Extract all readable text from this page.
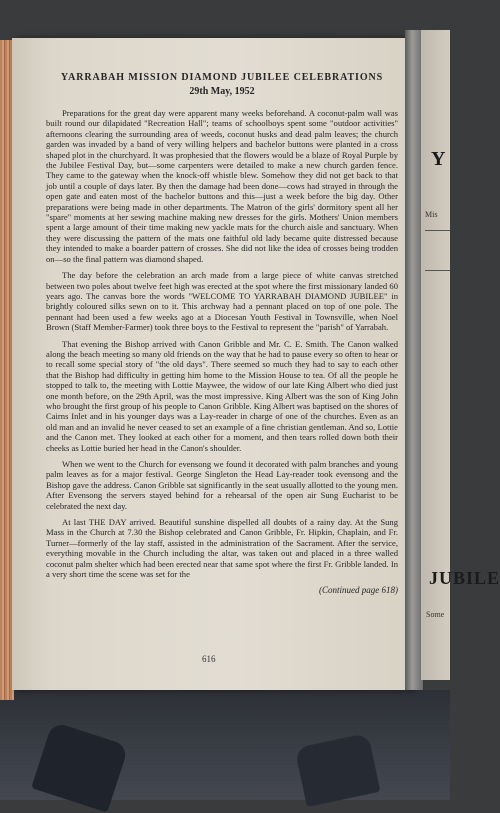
YARRABAH MISSION DIAMOND JUBILEE CELEBRATIONS
29th May, 1952

Preparations for the great day were apparent many weeks beforehand. A coconut-palm wall was built round our dilapidated "Recreation Hall"; teams of schoolboys spent some "outdoor activities" afternoons clearing the surrounding area of weeds, coconut husks and dead palm leaves; the church garden was invaded by a band of very willing helpers and bachelor buttons were planted in a cross shaped plot in the churchyard. It was prophesied that the flowers would be a blaze of Royal Purple by the Jubilee Festival Day, but—some carpenters were detailed to make a new church garden fence. They came to the gateway when the knock-off whistle blew. Somehow they did not get back to that job until a couple of days later. By then the damage had been done—cows had strayed in through the open gate and eaten most of the bachelor buttons and this—just a week before the big day. Other preparations were being made in other departments. The Matron of the girls' dormitory spent all her "spare" moments at her sewing machine making new dresses for the girls. Mothers' Union members spent a large amount of their time making new yackle mats for the church aisle and sanctuary. When they were discussing the pattern of the mats one faithful old lady became quite distressed because they intended to make a boarder pattern of crosses. She did not like the idea of crosses being trodden on—so the final pattern was diamond shaped.

The day before the celebration an arch made from a large piece of white canvas stretched between two poles about twelve feet high was erected at the spot where the first missionary landed 60 years ago. The canvas bore the words "WELCOME TO YARRABAH DIAMOND JUBILEE" in brightly coloured silks sewn on to it. This archway had a pennant placed on top of one pole. The pennant had been used a few weeks ago at a Diocesan Youth Festival in Townsville, when Noel Brown (Staff Member-Farmer) took three boys to the Festival to represent the "parish" of Yarrabah.

That evening the Bishop arrived with Canon Gribble and Mr. C. E. Smith. The Canon walked along the beach meeting so many old friends on the way that he had to pause every so often to hear or to recall some special story of "the old days". There seemed so much they had to say to each other that the Bishop had difficulty in getting him home to the Mission House to tea. Of all the people he stopped to talk to, the meeting with Lottie Maywee, the widow of our late King Albert who died just one month before, on the 29th April, was the most impressive. King Albert was the son of King John who brought the first group of his people to Canon Gribble. King Albert was baptised on the shores of Cairns Inlet and in his younger days was a Lay-reader in charge of one of the churches. Even as an old man and an invalid he never ceased to set an example of a fine christian gentleman. And so, Lottie and the Canon met. They looked at each other for a moment, and then tears rolled down both their cheeks as Lottie buried her head in the Canon's shoulder.

When we went to the Church for evensong we found it decorated with palm branches and young palm leaves as for a major festival. George Singleton the Head Lay-reader took evensong and the Bishop gave the address. Canon Gribble sat significantly in the seat usually allotted to the young men. After Evensong the servers stayed behind for a rehearsal of the open air Sung Eucharist to be celebrated the next day.

At last THE DAY arrived. Beautiful sunshine dispelled all doubts of a rainy day. At the Sung Mass in the Church at 7.30 the Bishop celebrated and Canon Gribble, Fr. Hipkin, Chaplain, and Fr. Turner—formerly of the lay staff, assisted in the administration of the Sacrament. After the service, everything movable in the Church including the altar, was taken out and placed in a three walled coconut palm shelter which had been erected near that same spot where the first Fr. Gribble landed. In a very short time the scene was set for the

(Continued page 618)
616
Y
Mis
JUBILE
Some
